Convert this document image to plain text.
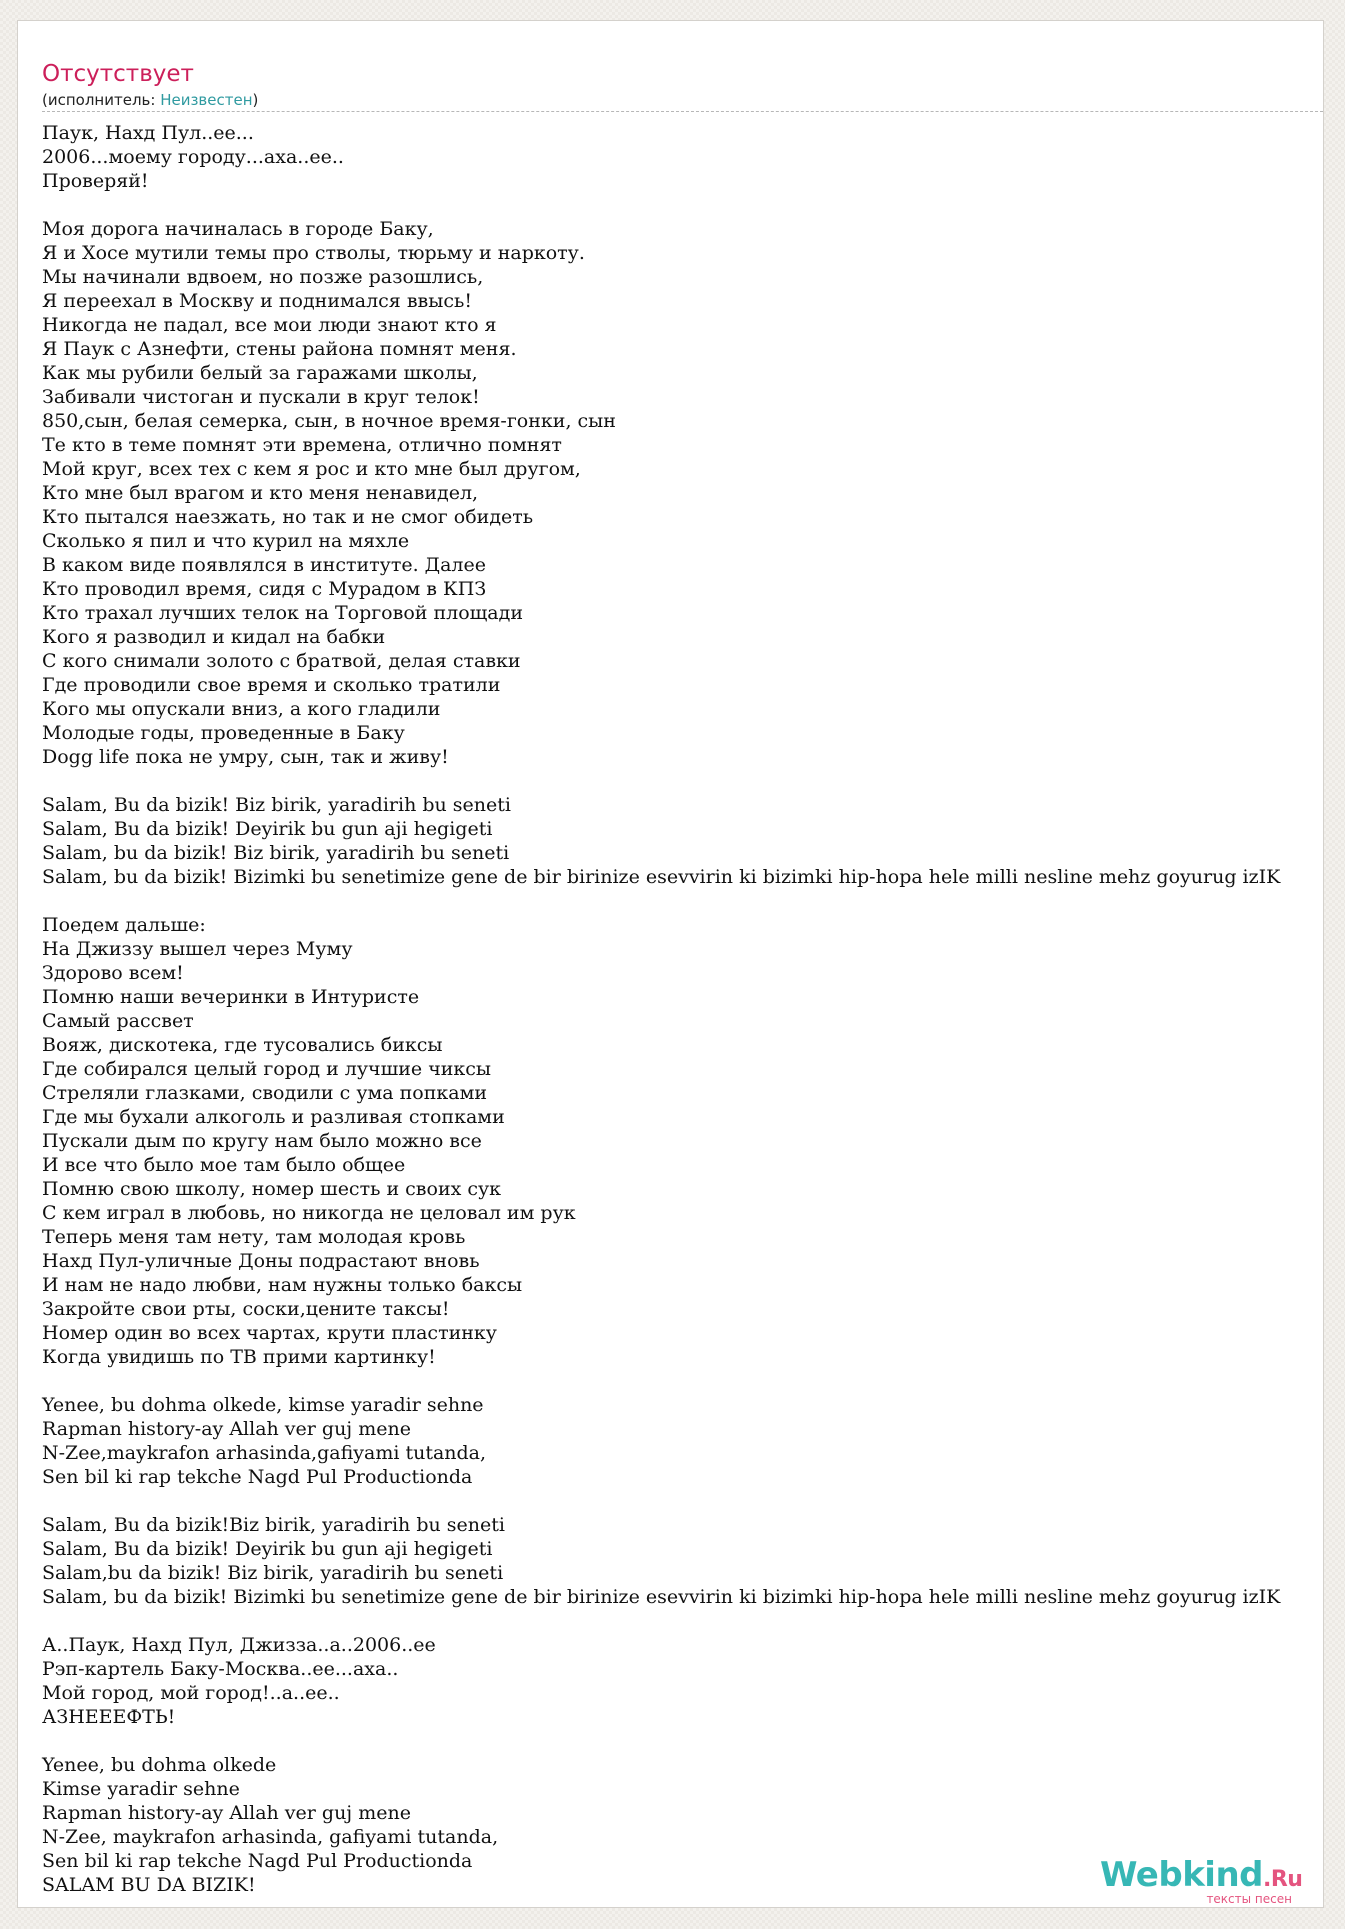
Отсутствует
(исполнитель: Неизвестен)
Паук, Нахд Пул..ее...
2006...моему городу...аха..ее..
Проверяй!
Моя дорога начиналась в городе Баку,
Я и Хосе мутили темы про стволы, тюрьму и наркоту.
Мы начинали вдвоем, но позже разошлись,
Я переехал в Москву и поднимался ввысь!
Никогда не падал, все мои люди знают кто я
Я Паук с Азнефти, стены района помнят меня.
Как мы рубили белый за гаражами школы,
Забивали чистоган и пускали в круг телок!
850,сын, белая семерка, сын, в ночное время-гонки, сын
Те кто в теме помнят эти времена, отлично помнят
Мой круг, всех тех с кем я рос и кто мне был другом,
Кто мне был врагом и кто меня ненавидел,
Кто пытался наезжать, но так и не смог обидеть
Сколько я пил и что курил на мяхле
В каком виде появлялся в институте. Далее
Кто проводил время, сидя с Мурадом в КПЗ
Кто трахал лучших телок на Торговой площади
Кого я разводил и кидал на бабки
С кого снимали золото с братвой, делая ставки
Где проводили свое время и сколько тратили
Кого мы опускали вниз, а кого гладили
Молодые годы, проведенные в Баку
Dogg life пока не умру, сын, так и живу!
Salam, Bu da bizik! Biz birik, yaradirih bu seneti
Salam, Bu da bizik! Deyirik bu gun aji hegigeti
Salam, bu da bizik! Biz birik, yaradirih bu seneti
Salam, bu da bizik! Bizimki bu senetimize gene de bir birinize esevvirin ki bizimki hip-hopa hele milli nesline mehz goyurug izIK
Поедем дальше:
На Джиззу вышел через Муму
Здорово всем!
Помню наши вечеринки в Интуристе
Самый рассвет
Вояж, дискотека, где тусовались биксы
Где собирался целый город и лучшие чиксы
Стреляли глазками, сводили с ума попками
Где мы бухали алкоголь и разливая стопками
Пускали дым по кругу нам было можно все
И все что было мое там было общее
Помню свою школу, номер шесть и своих сук
С кем играл в любовь, но никогда не целовал им рук
Теперь меня там нету, там молодая кровь
Нахд Пул-уличные Доны подрастают вновь
И нам не надо любви, нам нужны только баксы
Закройте свои рты, соски,цените таксы!
Номер один во всех чартах, крути пластинку
Когда увидишь по ТВ прими картинку!
Yenee, bu dohma olkede, kimse yaradir sehne
Rapman history-ay Allah ver guj mene
N-Zee,maykrafon arhasinda,gafiyami tutanda,
Sen bil ki rap tekche Nagd Pul Productionda
Salam, Bu da bizik!Biz birik, yaradirih bu seneti
Salam, Bu da bizik! Deyirik bu gun aji hegigeti
Salam,bu da bizik! Biz birik, yaradirih bu seneti
Salam, bu da bizik! Bizimki bu senetimize gene de bir birinize esevvirin ki bizimki hip-hopa hele milli nesline mehz goyurug izIK
А..Паук, Нахд Пул, Джизза..а..2006..ее
Рэп-картель Баку-Москва..ее...аха..
Мой город, мой город!..а..ее..
АЗНЕЕЕФТЬ!
Yenee, bu dohma olkede
Kimse yaradir sehne
Rapman history-ay Allah ver guj mene
N-Zee, maykrafon arhasinda, gafiyami tutanda,
Sen bil ki rap tekche Nagd Pul Productionda
SALAM BU DA BIZIK!	Webkind.Ru
тексты песен
